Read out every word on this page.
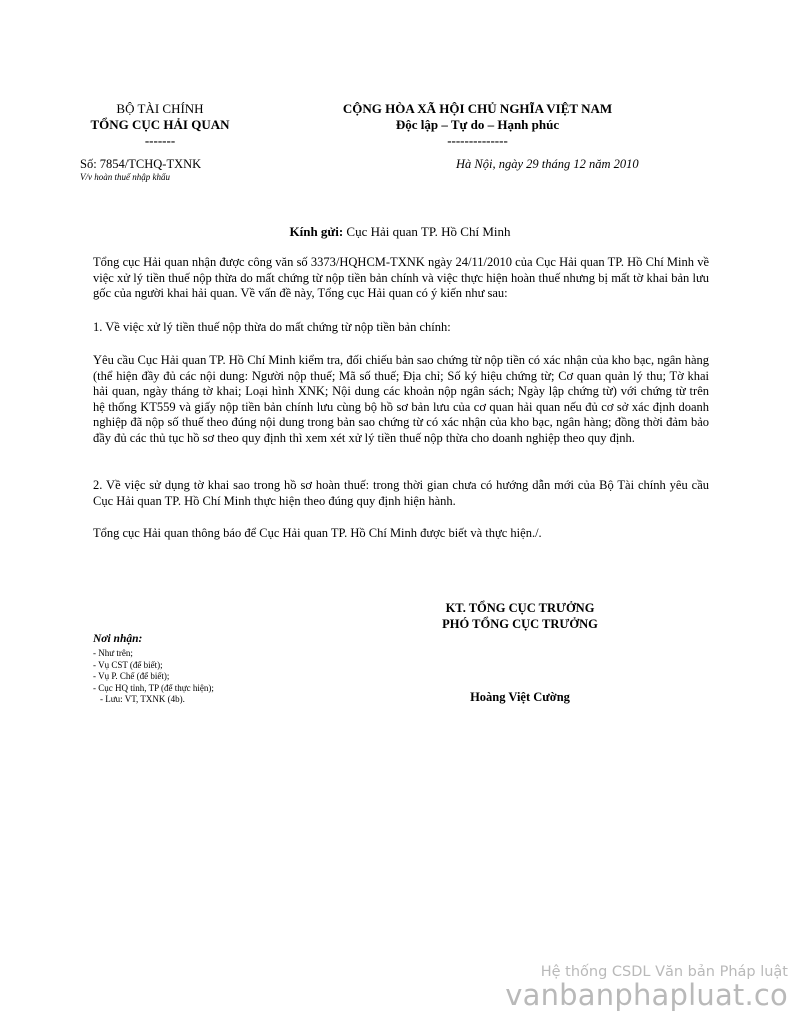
BỘ TÀI CHÍNH
TỔNG CỤC HẢI QUAN
-------
CỘNG HÒA XÃ HỘI CHỦ NGHĨA VIỆT NAM
Độc lập – Tự do – Hạnh phúc
--------------
Số: 7854/TCHQ-TXNK
V/v hoàn thuế nhập khẩu
Hà Nội, ngày 29 tháng 12 năm 2010
Kính gửi: Cục Hải quan TP. Hồ Chí Minh
Tổng cục Hải quan nhận được công văn số 3373/HQHCM-TXNK ngày 24/11/2010 của Cục Hải quan TP. Hồ Chí Minh về việc xử lý tiền thuế nộp thừa do mất chứng từ nộp tiền bản chính và việc thực hiện hoàn thuế nhưng bị mất tờ khai bản lưu gốc của người khai hải quan. Về vấn đề này, Tổng cục Hải quan có ý kiến như sau:
1. Về việc xử lý tiền thuế nộp thừa do mất chứng từ nộp tiền bản chính:
Yêu cầu Cục Hải quan TP. Hồ Chí Minh kiểm tra, đối chiếu bản sao chứng từ nộp tiền có xác nhận của kho bạc, ngân hàng (thể hiện đầy đủ các nội dung: Người nộp thuế; Mã số thuế; Địa chỉ; Số ký hiệu chứng từ; Cơ quan quản lý thu; Tờ khai hải quan, ngày tháng tờ khai; Loại hình XNK; Nội dung các khoản nộp ngân sách; Ngày lập chứng từ) với chứng từ trên hệ thống KT559 và giấy nộp tiền bản chính lưu cùng bộ hồ sơ bản lưu của cơ quan hải quan nếu đủ cơ sở xác định doanh nghiệp đã nộp số thuế theo đúng nội dung trong bản sao chứng từ có xác nhận của kho bạc, ngân hàng; đồng thời đảm bảo đầy đủ các thủ tục hồ sơ theo quy định thì xem xét xử lý tiền thuế nộp thừa cho doanh nghiệp theo quy định.
2. Về việc sử dụng tờ khai sao trong hồ sơ hoàn thuế: trong thời gian chưa có hướng dẫn mới của Bộ Tài chính yêu cầu Cục Hải quan TP. Hồ Chí Minh thực hiện theo đúng quy định hiện hành.
Tổng cục Hải quan thông báo để Cục Hải quan TP. Hồ Chí Minh được biết và thực hiện./.
KT. TỔNG CỤC TRƯỞNG
PHÓ TỔNG CỤC TRƯỞNG
Hoàng Việt Cường
Nơi nhận:
- Như trên;
- Vụ CST (để biết);
- Vụ P. Chế (để biết);
- Cục HQ tỉnh, TP (để thực hiện);
- Lưu: VT, TXNK (4b).
Hệ thống CSDL Văn bản Pháp luật
vanbanphapluat.co
